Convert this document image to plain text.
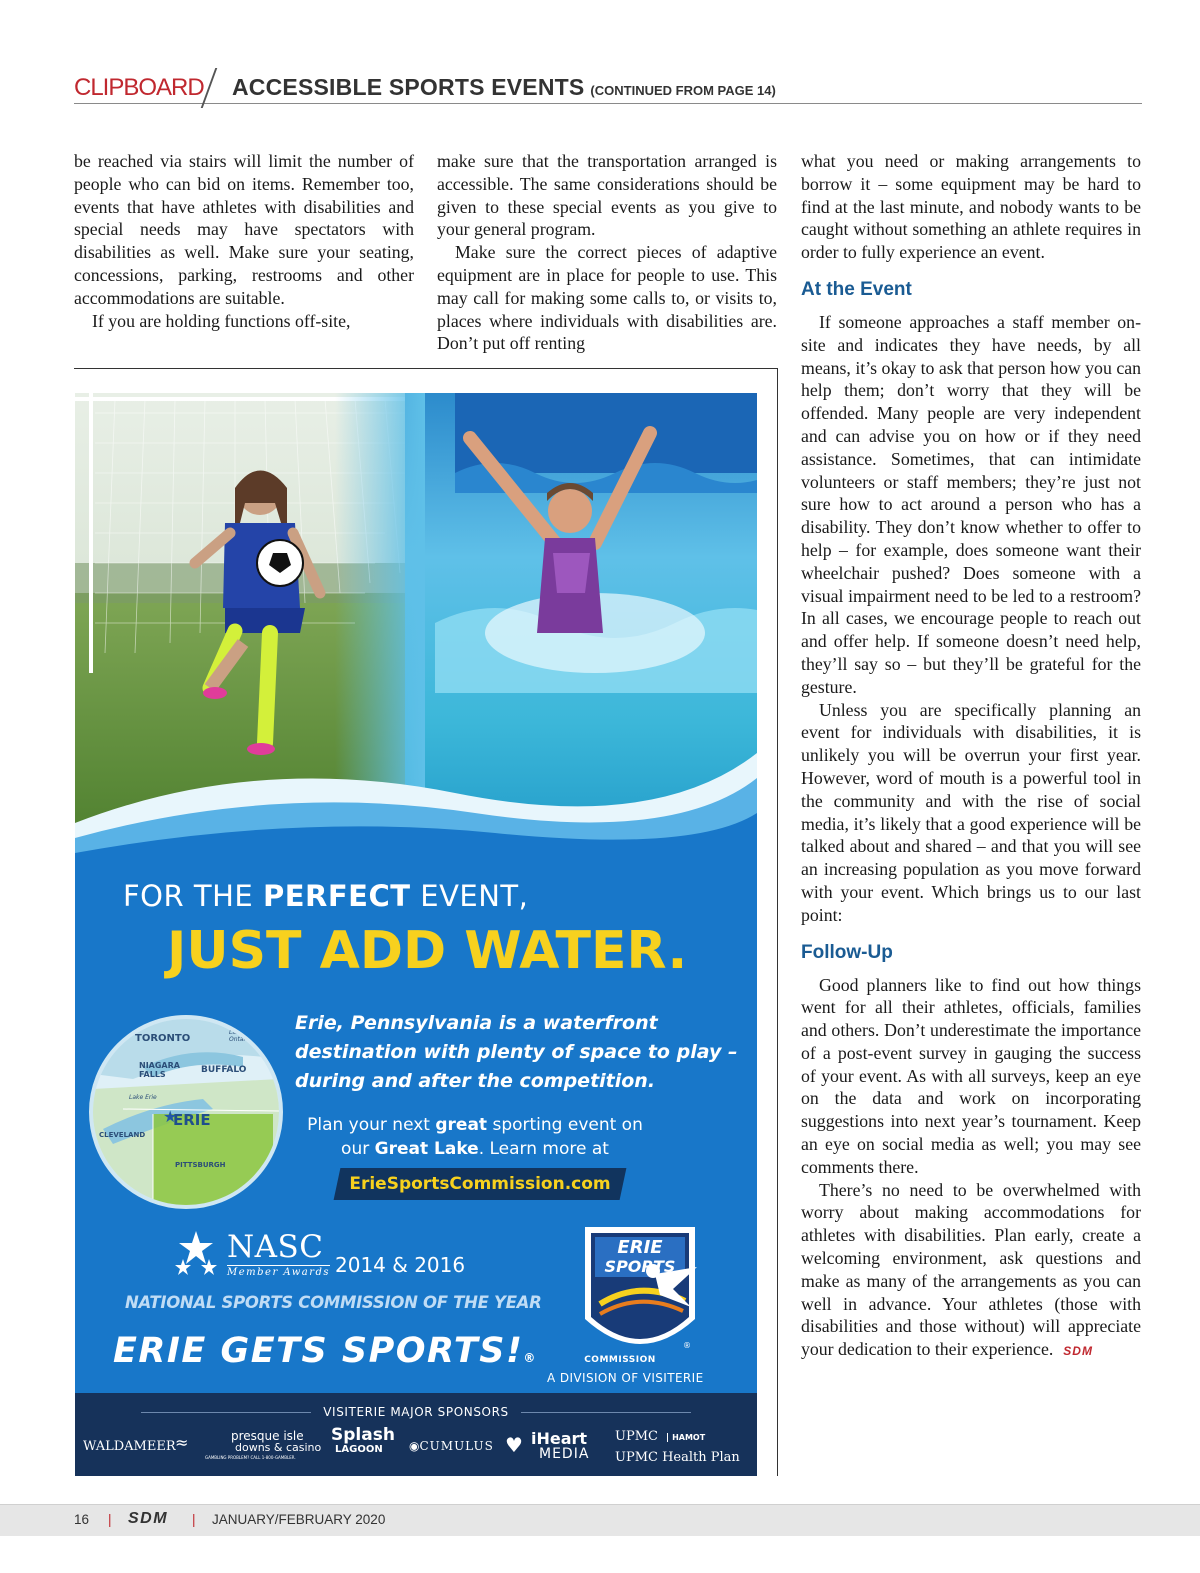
CLIPBOARD ACCESSIBLE SPORTS EVENTS (CONTINUED FROM PAGE 14)

be reached via stairs will limit the number of people who can bid on items. Remember too, events that have athletes with disabilities and special needs may have spectators with disabilities as well. Make sure your seating, concessions, parking, restrooms and other accommodations are suitable.

If you are holding functions off-site,

make sure that the transportation arranged is accessible. The same considerations should be given to these special events as you give to your general program.

Make sure the correct pieces of adaptive equipment are in place for people to use. This may call for making some calls to, or visits to, places where individuals with disabilities are. Don’t put off renting

what you need or making arrangements to borrow it – some equipment may be hard to find at the last minute, and nobody wants to be caught without something an athlete requires in order to fully experience an event.

At the Event

If someone approaches a staff member on-site and indicates they have needs, by all means, it’s okay to ask that person how you can help them; don’t worry that they will be offended. Many people are very independent and can advise you on how or if they need assistance. Sometimes, that can intimidate volunteers or staff members; they’re just not sure how to act around a person who has a disability. They don’t know whether to offer to help – for example, does someone want their wheelchair pushed? Does someone with a visual impairment need to be led to a restroom? In all cases, we encourage people to reach out and offer help. If someone doesn’t need help, they’ll say so – but they’ll be grateful for the gesture.

Unless you are specifically planning an event for individuals with disabilities, it is unlikely you will be overrun your first year. However, word of mouth is a powerful tool in the community and with the rise of social media, it’s likely that a good experience will be talked about and shared – and that you will see an increasing population as you move forward with your event. Which brings us to our last point:

Follow-Up

Good planners like to find out how things went for all their athletes, officials, families and others. Don’t underestimate the importance of a post-event survey in gauging the success of your event. As with all surveys, keep an eye on the data and work on incorporating suggestions into next year’s tournament. Keep an eye on social media as well; you may see comments there.

There’s no need to be overwhelmed with worry about making accommodations for athletes with disabilities. Plan early, create a welcoming environment, ask questions and make as many of the arrangements as you can well in advance. Your athletes (those with disabilities and those without) will appreciate your dedication to their experience. SDM

FOR THE PERFECT EVENT,
JUST ADD WATER.
★
TORONTO
Lake Ontario
NIAGARA FALLS	BUFFALO
Lake Erie
ERIE
CLEVELAND
PITTSBURGH
Erie, Pennsylvania is a waterfront destination with plenty of space to play – during and after the competition.
Plan your next great sporting event on our Great Lake. Learn more at
ErieSportsCommission.com
NASC
Member Awards 2014 & 2016
NATIONAL SPORTS COMMISSION OF THE YEAR
ERIE GETS SPORTS!®
ERIE
SPORTS
COMMISSION
®
A DIVISION OF VISITERIE
VISITERIE MAJOR SPONSORS
WALDAMEER ≈	presque isle
downs & casino
GAMBLING PROBLEM? CALL 1-800-GAMBLER.
Splash
LAGOON	◉CUMULUS ♥ iHeart
MEDIA
UPMC HAMOT
UPMC Health Plan
16 | SDM | JANUARY/FEBRUARY 2020
